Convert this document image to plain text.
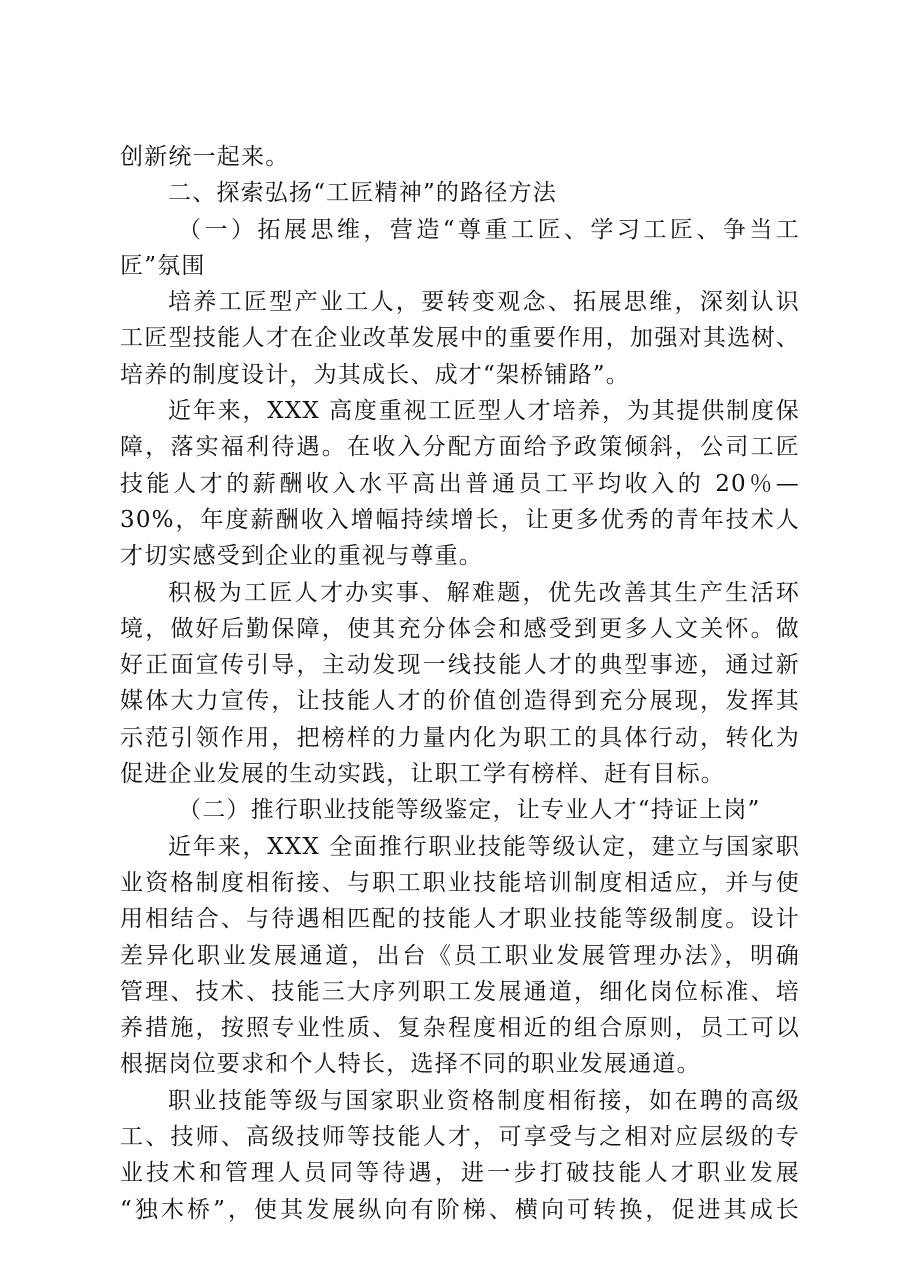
创新统一起来。
二、探索弘扬“工匠精神”的路径方法
（一）拓展思维，营造“尊重工匠、学习工匠、争当工
匠”氛围
培养工匠型产业工人，要转变观念、拓展思维，深刻认识
工匠型技能人才在企业改革发展中的重要作用，加强对其选树、
培养的制度设计，为其成长、成才“架桥铺路”。
近年来，XXX 高度重视工匠型人才培养，为其提供制度保
障，落实福利待遇。在收入分配方面给予政策倾斜，公司工匠
技能人才的薪酬收入水平高出普通员工平均收入的 20％—
30%，年度薪酬收入增幅持续增长，让更多优秀的青年技术人
才切实感受到企业的重视与尊重。
积极为工匠人才办实事、解难题，优先改善其生产生活环
境，做好后勤保障，使其充分体会和感受到更多人文关怀。做
好正面宣传引导，主动发现一线技能人才的典型事迹，通过新
媒体大力宣传，让技能人才的价值创造得到充分展现，发挥其
示范引领作用，把榜样的力量内化为职工的具体行动，转化为
促进企业发展的生动实践，让职工学有榜样、赶有目标。
（二）推行职业技能等级鉴定，让专业人才“持证上岗”
近年来，XXX 全面推行职业技能等级认定，建立与国家职
业资格制度相衔接、与职工职业技能培训制度相适应，并与使
用相结合、与待遇相匹配的技能人才职业技能等级制度。设计
差异化职业发展通道，出台《员工职业发展管理办法》，明确
管理、技术、技能三大序列职工发展通道，细化岗位标准、培
养措施，按照专业性质、复杂程度相近的组合原则，员工可以
根据岗位要求和个人特长，选择不同的职业发展通道。
职业技能等级与国家职业资格制度相衔接，如在聘的高级
工、技师、高级技师等技能人才，可享受与之相对应层级的专
业技术和管理人员同等待遇，进一步打破技能人才职业发展
“独木桥”，使其发展纵向有阶梯、横向可转换，促进其成长
